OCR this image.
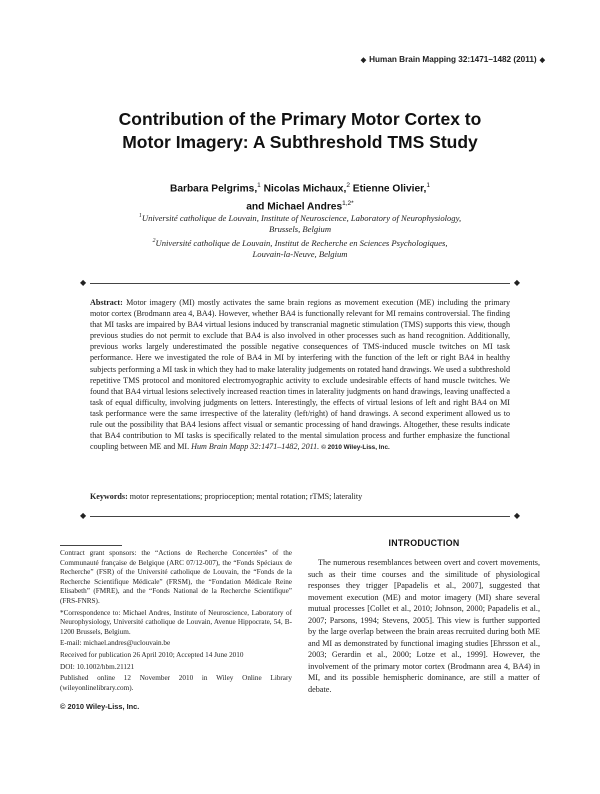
◆ Human Brain Mapping 32:1471–1482 (2011) ◆
Contribution of the Primary Motor Cortex to
Motor Imagery: A Subthreshold TMS Study
Barbara Pelgrims,$^1$ Nicolas Michaux,$^2$ Etienne Olivier,$^1$
and Michael Andres$^{1,2*}$
$^1$Université catholique de Louvain, Institute of Neuroscience, Laboratory of Neurophysiology,
Brussels, Belgium
$^2$Université catholique de Louvain, Institut de Recherche en Sciences Psychologiques,
Louvain-la-Neuve, Belgium
◆	◆
Abstract: Motor imagery (MI) mostly activates the same brain regions as movement execution (ME) including the primary motor cortex (Brodmann area 4, BA4). However, whether BA4 is functionally relevant for MI remains controversial. The finding that MI tasks are impaired by BA4 virtual lesions induced by transcranial magnetic stimulation (TMS) supports this view, though previous studies do not permit to exclude that BA4 is also involved in other processes such as hand recognition. Additionally, previous works largely underestimated the possible negative consequences of TMS-induced muscle twitches on MI task performance. Here we investigated the role of BA4 in MI by interfering with the function of the left or right BA4 in healthy subjects performing a MI task in which they had to make laterality judgements on rotated hand drawings. We used a subthreshold repetitive TMS protocol and monitored electromyographic activity to exclude undesirable effects of hand muscle twitches. We found that BA4 virtual lesions selectively increased reaction times in laterality judgments on hand drawings, leaving unaffected a task of equal difficulty, involving judgments on letters. Interestingly, the effects of virtual lesions of left and right BA4 on MI task performance were the same irrespective of the laterality (left/right) of hand drawings. A second experiment allowed us to rule out the possibility that BA4 lesions affect visual or semantic processing of hand drawings. Altogether, these results indicate that BA4 contribution to MI tasks is specifically related to the mental simulation process and further emphasize the functional coupling between ME and MI. Hum Brain Mapp 32:1471–1482, 2011. © 2010 Wiley-Liss, Inc.
Keywords: motor representations; proprioception; mental rotation; rTMS; laterality
◆	◆

Contract grant sponsors: the “Actions de Recherche Concertées” of the Communauté française de Belgique (ARC 07/12-007), the “Fonds Spéciaux de Recherche” (FSR) of the Université catholique de Louvain, the “Fonds de la Recherche Scientifique Médicale” (FRSM), the “Fondation Médicale Reine Elisabeth” (FMRE), and the “Fonds National de la Recherche Scientifique” (FRS-FNRS).

*Correspondence to: Michael Andres, Institute of Neuroscience, Laboratory of Neurophysiology, Université catholique de Louvain, Avenue Hippocrate, 54, B-1200 Brussels, Belgium.

E-mail: michael.andres@uclouvain.be

Received for publication 26 April 2010; Accepted 14 June 2010

DOI: 10.1002/hbm.21121

Published online 12 November 2010 in Wiley Online Library (wileyonlinelibrary.com).

© 2010 Wiley-Liss, Inc.
INTRODUCTION

The numerous resemblances between overt and covert movements, such as their time courses and the similitude of physiological responses they trigger [Papadelis et al., 2007], suggested that movement execution (ME) and motor imagery (MI) share several mutual processes [Collet et al., 2010; Johnson, 2000; Papadelis et al., 2007; Parsons, 1994; Stevens, 2005]. This view is further supported by the large overlap between the brain areas recruited during both ME and MI as demonstrated by functional imaging studies [Ehrsson et al., 2003; Gerardin et al., 2000; Lotze et al., 1999]. However, the involvement of the primary motor cortex (Brodmann area 4, BA4) in MI, and its possible hemispheric dominance, are still a matter of debate.
